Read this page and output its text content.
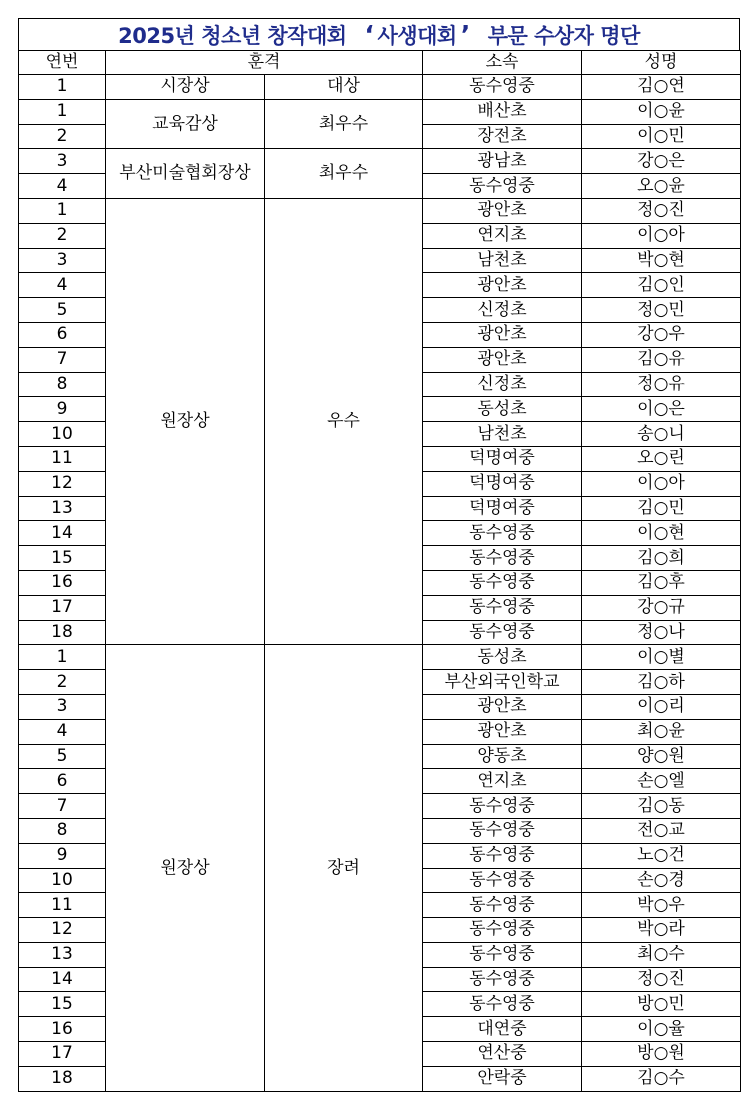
2025년 청소년 창작대회 ‘ 사생대회 ’ 부문 수상자 명단
연번	훈격		소속	성명
1	시장상	대상	동수영중	김○연
1	교육감상	최우수	배산초	이○윤
2			장전초	이○민
3	부산미술협회장상	최우수	광남초	강○은
4			동수영중	오○윤
1	원장상	우수	광안초	정○진
2			연지초	이○아
3			남천초	박○현
4			광안초	김○인
5			신정초	정○민
6			광안초	강○우
7			광안초	김○유
8			신정초	정○유
9			동성초	이○은
10			남천초	송○니
11			덕명여중	오○린
12			덕명여중	이○아
13			덕명여중	김○민
14			동수영중	이○현
15			동수영중	김○희
16			동수영중	김○후
17			동수영중	강○규
18			동수영중	정○나
1	원장상	장려	동성초	이○별
2			부산외국인학교	김○하
3			광안초	이○리
4			광안초	최○윤
5			양동초	양○원
6			연지초	손○엘
7			동수영중	김○동
8			동수영중	전○교
9			동수영중	노○건
10			동수영중	손○경
11			동수영중	박○우
12			동수영중	박○라
13			동수영중	최○수
14			동수영중	정○진
15			동수영중	방○민
16			대연중	이○율
17			연산중	방○원
18			안락중	김○수
